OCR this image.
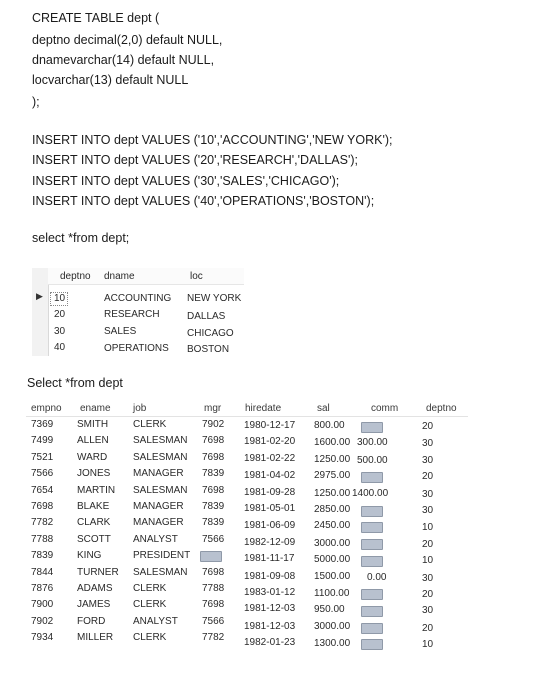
CREATE TABLE dept (
deptno decimal(2,0) default NULL,
dnamevarchar(14) default NULL,
locvarchar(13) default NULL
);
INSERT INTO dept VALUES ('10','ACCOUNTING','NEW YORK');
INSERT INTO dept VALUES ('20','RESEARCH','DALLAS');
INSERT INTO dept VALUES ('30','SALES','CHICAGO');
INSERT INTO dept VALUES ('40','OPERATIONS','BOSTON');
select *from dept;
▶
deptno dname	loc
10	ACCOUNTING NEW YORK
20	RESEARCH	DALLAS
30	SALES	CHICAGO
40	OPERATIONS BOSTON
Select *from dept
empno ename job	mgr hiredate	sal	comm	deptno
7369 SMITH CLERK	7902 1980-12-17 800.00	20
7499 ALLEN SALESMAN 7698 1981-02-20 1600.00 300.00	30
7521 WARD	SALESMAN 7698 1981-02-22 1250.00 500.00	30
7566 JONES MANAGER 7839 1981-04-02 2975.00	20
7654 MARTIN SALESMAN 7698 1981-09-28 1250.00 1400.00	30
7698 BLAKE MANAGER 7839 1981-05-01 2850.00	30
7782 CLARK MANAGER 7839 1981-06-09 2450.00	10
7788 SCOTT ANALYST 7566 1982-12-09 3000.00	20
7839 KING	PRESIDENT	1981-11-17 5000.00	10
7844 TURNER SALESMAN 7698 1981-09-08 1500.00 0.00	30
7876 ADAMS CLERK	7788 1983-01-12 1100.00	20
7900 JAMES CLERK	7698 1981-12-03 950.00	30
7902 FORD	ANALYST 7566 1981-12-03 3000.00	20
7934 MILLER CLERK	7782 1982-01-23 1300.00	10
